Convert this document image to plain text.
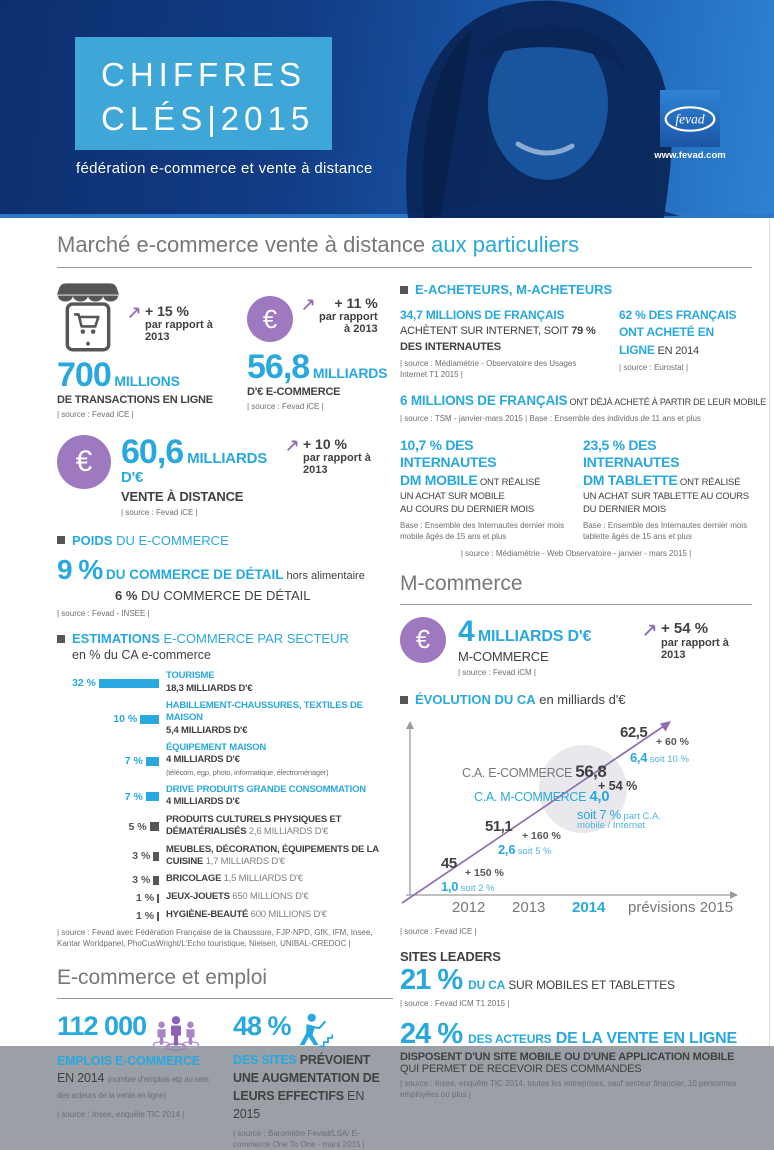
CHIFFRES
CLÉS|2015
fédération e-commerce et vente à distance
fevad
www.fevad.com
Marché e-commerce vente à distance aux particuliers
+ 15 %
par rapport à 2013
700 MILLIONS
DE TRANSACTIONS EN LIGNE
| source : Fevad iCE |
€
+ 11 %
par rapport
à 2013
56,8 MILLIARDS
D'€ E-COMMERCE
| source : Fevad iCE |
€ 60,6 MILLIARDS D'€
VENTE À DISTANCE
+ 10 %
par rapport à 2013
| source : Fevad iCE |
POIDS DU E-COMMERCE
9 % DU COMMERCE DE DÉTAIL hors alimentaire
6 % DU COMMERCE DE DÉTAIL
| source : Fevad - INSEE |
ESTIMATIONS E-COMMERCE PAR SECTEUR
en % du CA e-commerce
32 %
TOURISME
18,3 MILLIARDS D'€
10 %
HABILLEMENT-CHAUSSURES, TEXTILES DE MAISON
5,4 MILLIARDS D'€
7 %
ÉQUIPEMENT MAISON
4 MILLIARDS D'€
(télécom, egp, photo, informatique, électroménager)
7 %
DRIVE PRODUITS GRANDE CONSOMMATION
4 MILLIARDS D'€
5 %
PRODUITS CULTURELS PHYSIQUES ET DÉMATÉRIALISÉS 2,6 MILLIARDS D'€
3 %
MEUBLES, DÉCORATION, ÉQUIPEMENTS DE LA CUISINE 1,7 MILLIARDS D'€
3 %	BRICOLAGE 1,5 MILLIARDS D'€
1 %	JEUX-JOUETS 650 MILLIONS D'€
1 %	HYGIÈNE-BEAUTÉ 600 MILLIONS D'€
| source : Fevad avec Fédération Française de la Chaussure, FJP-NPD, GfK, IFM, Insee, Kantar Worldpanel, PhoCusWright/L'Echo touristique, Nielsen, UNIBAL-CREDOC |
E-commerce et emploi
112 000
EMPLOIS E-COMMERCE
EN 2014 (nombre d'emplois etp au sein des acteurs de la vente en ligne)
| source : Insee, enquête TIC 2014 |
48 %
DES SITES PRÉVOIENT UNE AUGMENTATION DE LEURS EFFECTIFS EN 2015
| source : Baromètre Fevad/LSA/ E-commerce One To One - mars 2015 |
E-ACHETEURS, M-ACHETEURS
34,7 MILLIONS DE FRANÇAIS ACHÈTENT SUR INTERNET, SOIT 79 % DES INTERNAUTES
| source : Médiamétrie - Observatoire des Usages Internet T1 2015 |
62 % DES FRANÇAIS ONT ACHETÉ EN LIGNE EN 2014
| source : Eurostat |
6 MILLIONS DE FRANÇAIS ONT DÉJÀ ACHETÉ À PARTIR DE LEUR MOBILE
| source : TSM - janvier-mars 2015 | Base : Ensemble des individus de 11 ans et plus
10,7 % DES INTERNAUTES
DM MOBILE ONT RÉALISÉ
UN ACHAT SUR MOBILE
AU COURS DU DERNIER MOIS
Base : Ensemble des Internautes dernier mois mobile âgés de 15 ans et plus
23,5 % DES INTERNAUTES
DM TABLETTE ONT RÉALISÉ
UN ACHAT SUR TABLETTE AU COURS
DU DERNIER MOIS
Base : Ensemble des Internautes dernier mois tablette âgés de 15 ans et plus
| source : Médiamétrie - Web Observatoire - janvier - mars 2015 |
M-commerce
€ 4 MILLIARDS D'€
M-COMMERCE
| source : Fevad iCM |
+ 54 %
par rapport à 2013
ÉVOLUTION DU CA en milliards d'€
62,5
+ 60 %
6,4 soit 10 %
C.A. E-COMMERCE 56,8
+ 54 %
C.A. M-COMMERCE 4,0
soit 7 % part C.A.
mobile / Internet
51,1
+ 160 %
2,6 soit 5 %
45
+ 150 %
1,0 soit 2 %
2012 2013 2014 prévisions 2015
| source : Fevad iCE |
SITES LEADERS
21 % DU CA SUR MOBILES ET TABLETTES
| source : Fevad iCM T1 2015 |
24 % DES ACTEURS DE LA VENTE EN LIGNE
DISPOSENT D'UN SITE MOBILE OU D'UNE APPLICATION MOBILE
QUI PERMET DE RECEVOIR DES COMMANDES
| source : Insee, enquête TIC 2014, toutes les entreprises, sauf secteur financier, 10 personnes employées ou plus |
